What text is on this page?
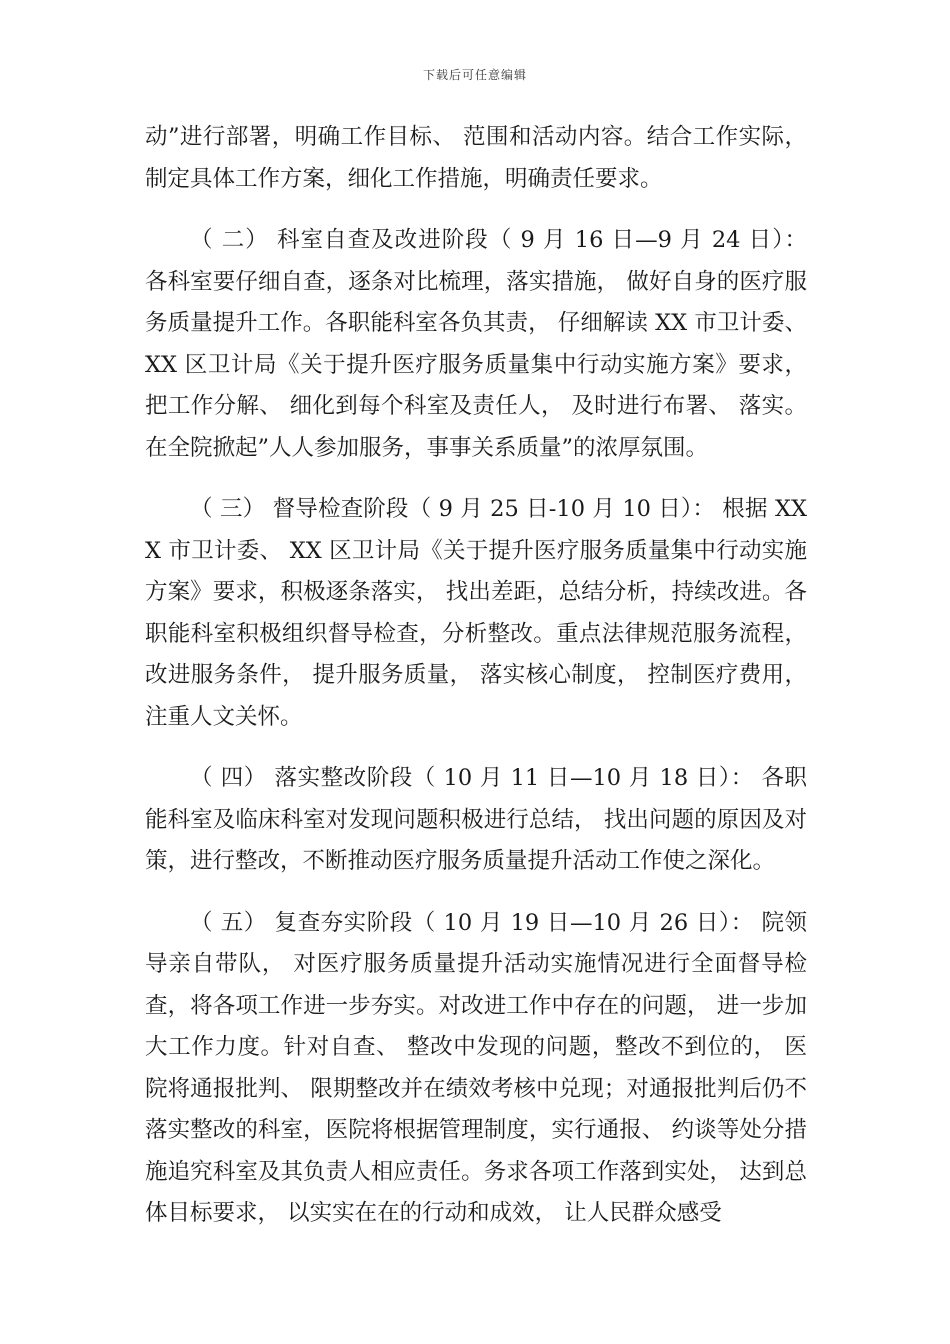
下载后可任意编辑

动”进行部署，明确工作目标、 范围和活动内容。结合工作实际，制定具体工作方案，细化工作措施，明确责任要求。

（ 二） 科室自查及改进阶段（ 9 月 16 日—9 月 24 日）： 各科室要仔细自查，逐条对比梳理，落实措施， 做好自身的医疗服务质量提升工作。各职能科室各负其责， 仔细解读 XX 市卫计委、XX 区卫计局《关于提升医疗服务质量集中行动实施方案》要求，把工作分解、 细化到每个科室及责任人， 及时进行布署、 落实。在全院掀起”人人参加服务，事事关系质量”的浓厚氛围。

（ 三） 督导检查阶段（ 9 月 25 日-10 月 10 日）： 根据 XXX 市卫计委、 XX 区卫计局《关于提升医疗服务质量集中行动实施方案》要求，积极逐条落实， 找出差距，总结分析，持续改进。各职能科室积极组织督导检查，分析整改。重点法律规范服务流程，改进服务条件， 提升服务质量， 落实核心制度， 控制医疗费用，注重人文关怀。

（ 四） 落实整改阶段（ 10 月 11 日—10 月 18 日）： 各职能科室及临床科室对发现问题积极进行总结， 找出问题的原因及对策，进行整改，不断推动医疗服务质量提升活动工作使之深化。

（ 五） 复查夯实阶段（ 10 月 19 日—10 月 26 日）： 院领导亲自带队， 对医疗服务质量提升活动实施情况进行全面督导检查，将各项工作进一步夯实。对改进工作中存在的问题， 进一步加大工作力度。针对自查、 整改中发现的问题，整改不到位的， 医院将通报批判、 限期整改并在绩效考核中兑现；对通报批判后仍不落实整改的科室，医院将根据管理制度，实行通报、 约谈等处分措施追究科室及其负责人相应责任。务求各项工作落到实处， 达到总体目标要求， 以实实在在的行动和成效， 让人民群众感受
